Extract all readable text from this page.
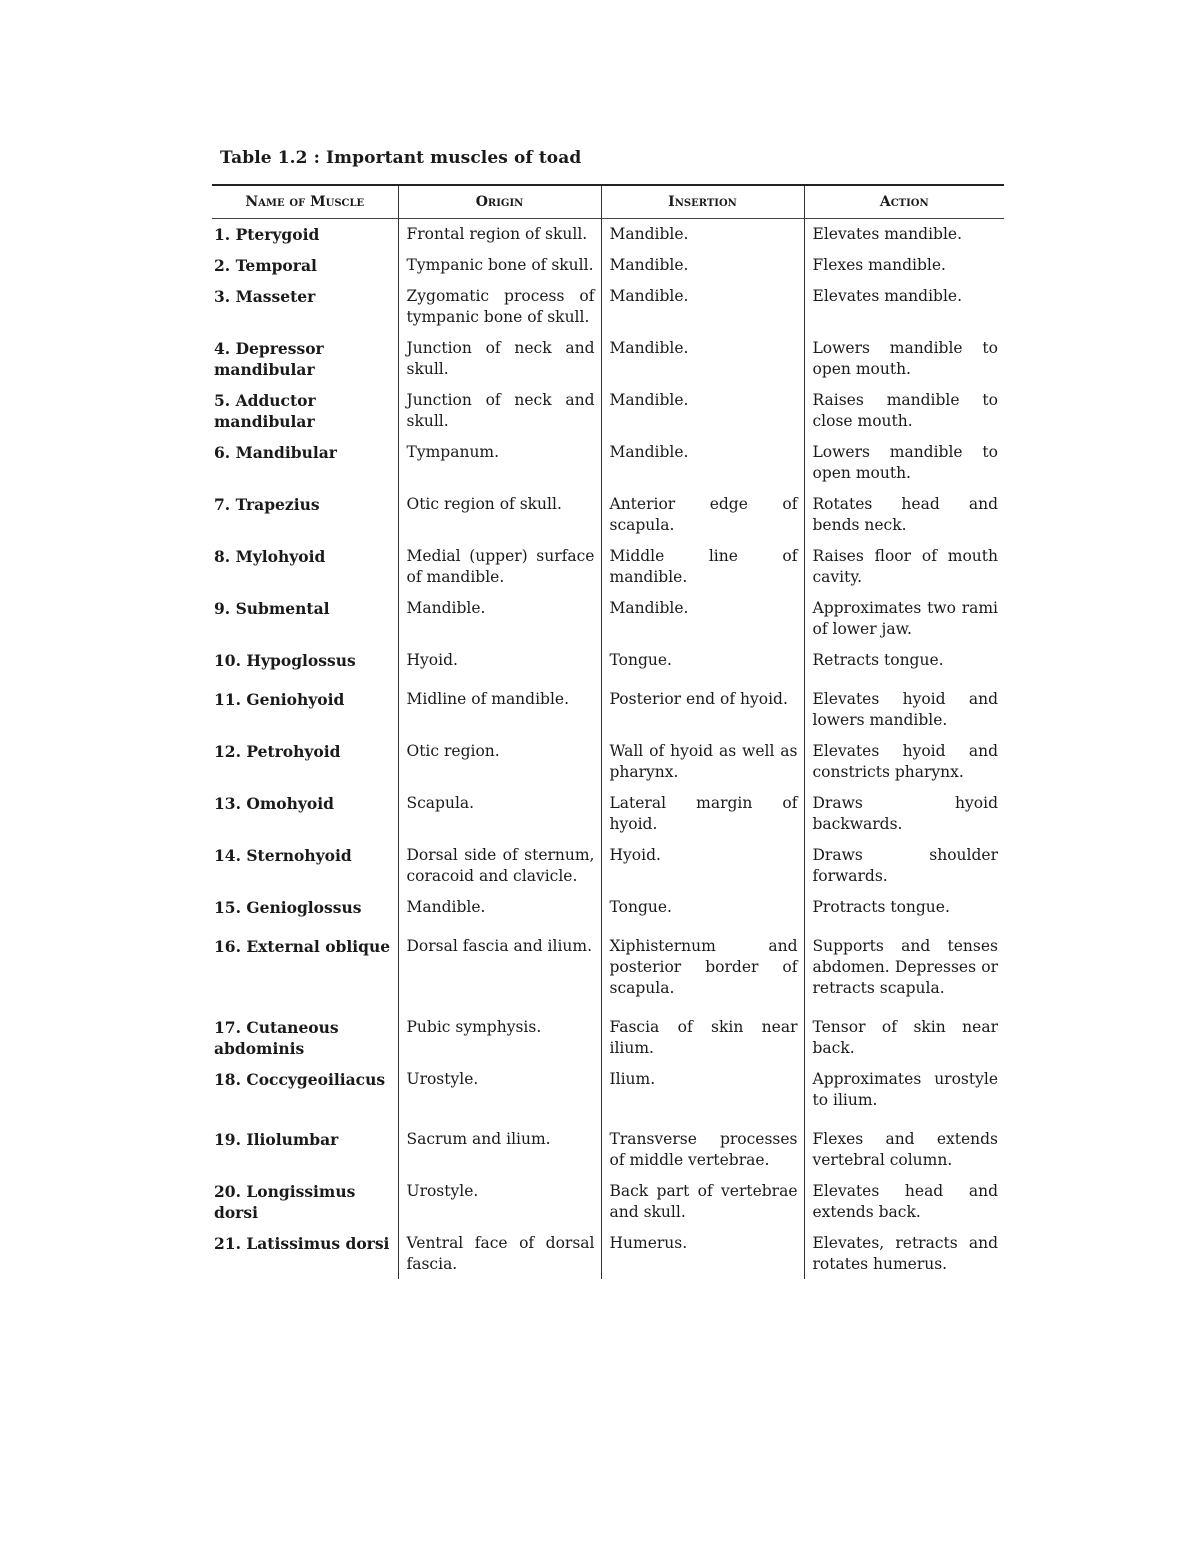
Table 1.2 : Important muscles of toad
Name of Muscle	Origin	Insertion	Action
1. Pterygoid	Frontal region of skull.	Mandible.	Elevates mandible.
2. Temporal	Tympanic bone of skull.	Mandible.	Flexes mandible.
3. Masseter	Zygomatic process of tympanic bone of skull.	Mandible.	Elevates mandible.
4. Depressor mandibular	Junction of neck and skull.	Mandible.	Lowers mandible to open mouth.
5. Adductor mandibular	Junction of neck and skull.	Mandible.	Raises mandible to close mouth.
6. Mandibular	Tympanum.	Mandible.	Lowers mandible to open mouth.
7. Trapezius	Otic region of skull.	Anterior edge of scapula.	Rotates head and bends neck.
8. Mylohyoid	Medial (upper) surface of mandible.	Middle line of mandible.	Raises floor of mouth cavity.
9. Submental	Mandible.	Mandible.	Approximates two rami of lower jaw.
10. Hypoglossus	Hyoid.	Tongue.	Retracts tongue.
11. Geniohyoid	Midline of mandible.	Posterior end of hyoid.	Elevates hyoid and lowers mandible.
12. Petrohyoid	Otic region.	Wall of hyoid as well as pharynx.	Elevates hyoid and constricts pharynx.
13. Omohyoid	Scapula.	Lateral margin of hyoid.	Draws hyoid backwards.
14. Sternohyoid	Dorsal side of sternum, coracoid and clavicle.	Hyoid.	Draws shoulder forwards.
15. Genioglossus	Mandible.	Tongue.	Protracts tongue.
16. External oblique	Dorsal fascia and ilium.	Xiphisternum and posterior border of scapula.	Supports and tenses abdomen. Depresses or retracts scapula.
17. Cutaneous abdominis	Pubic symphysis.	Fascia of skin near ilium.	Tensor of skin near back.
18. Coccygeoiliacus	Urostyle.	Ilium.	Approximates urostyle to ilium.
19. Iliolumbar	Sacrum and ilium.	Transverse processes of middle vertebrae.	Flexes and extends vertebral column.
20. Longissimus dorsi	Urostyle.	Back part of vertebrae and skull.	Elevates head and extends back.
21. Latissimus dorsi	Ventral face of dorsal fascia.	Humerus.	Elevates, retracts and rotates humerus.
